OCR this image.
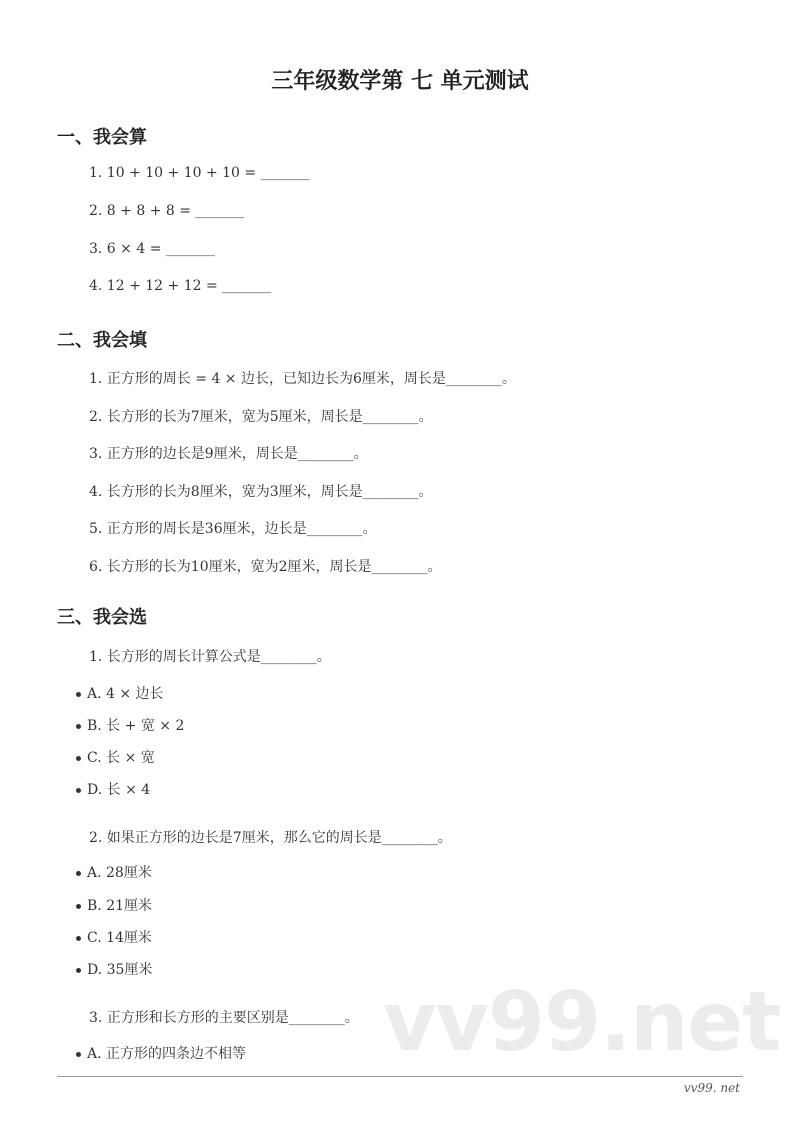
vv99.net
三年级数学第 七 单元测试
一、我会算
1. 10 + 10 + 10 + 10 = _______
2. 8 + 8 + 8 = _______
3. 6 × 4 = _______
4. 12 + 12 + 12 = _______
二、我会填
1. 正方形的周长 = 4 × 边长，已知边长为6厘米，周长是________。
2. 长方形的长为7厘米，宽为5厘米，周长是________。
3. 正方形的边长是9厘米，周长是________。
4. 长方形的长为8厘米，宽为3厘米，周长是________。
5. 正方形的周长是36厘米，边长是________。
6. 长方形的长为10厘米，宽为2厘米，周长是________。
三、我会选
1. 长方形的周长计算公式是________。
A. 4 × 边长
B. 长 + 宽 × 2
C. 长 × 宽
D. 长 × 4
2. 如果正方形的边长是7厘米，那么它的周长是________。
A. 28厘米
B. 21厘米
C. 14厘米
D. 35厘米
3. 正方形和长方形的主要区别是________。
A. 正方形的四条边不相等
vv99. net
